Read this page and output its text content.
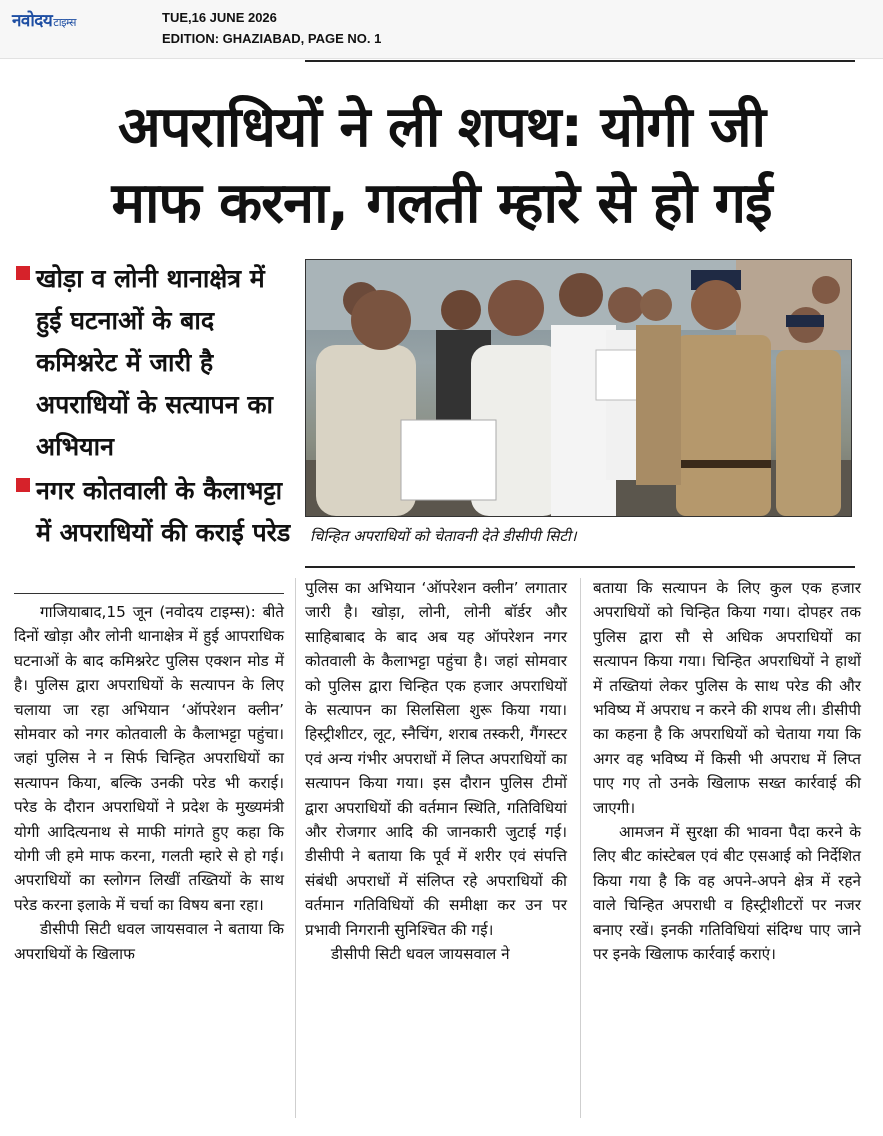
नवोदयटाइम्स	TUE,16 JUNE 2026
EDITION: GHAZIABAD, PAGE NO. 1
अपराधियों ने ली शपथ: योगी जी
माफ करना, गलती म्हारे से हो गई
खोड़ा व लोनी थानाक्षेत्र में हुई घटनाओं के बाद कमिश्नरेट में जारी है अपराधियों के सत्यापन का अभियान
नगर कोतवाली के कैलाभट्टा में अपराधियों की कराई परेड	चिन्हित अपराधियों को चेतावनी देते डीसीपी सिटी।

गाजियाबाद,15 जून (नवोदय टाइम्स): बीते दिनों खोड़ा और लोनी थानाक्षेत्र में हुई आपराधिक घटनाओं के बाद कमिश्नरेट पुलिस एक्शन मोड में है। पुलिस द्वारा अपराधियों के सत्यापन के लिए चलाया जा रहा अभियान ‘ऑपरेशन क्लीन’ सोमवार को नगर कोतवाली के कैलाभट्टा पहुंचा। जहां पुलिस ने न सिर्फ चिन्हित अपराधियों का सत्यापन किया, बल्कि उनकी परेड भी कराई। परेड के दौरान अपराधियों ने प्रदेश के मुख्यमंत्री योगी आदित्यनाथ से माफी मांगते हुए कहा कि योगी जी हमे माफ करना, गलती म्हारे से हो गई।अपराधियों का स्लोगन लिखीं तख्तियों के साथ परेड करना इलाके में चर्चा का विषय बना रहा।

डीसीपी सिटी धवल जायसवाल ने बताया कि अपराधियों के खिलाफ

पुलिस का अभियान ‘ऑपरेशन क्लीन’ लगातार जारी है। खोड़ा, लोनी, लोनी बॉर्डर और साहिबाबाद के बाद अब यह ऑपरेशन नगर कोतवाली के कैलाभट्टा पहुंचा है। जहां सोमवार को पुलिस द्वारा चिन्हित एक हजार अपराधियों के सत्यापन का सिलसिला शुरू किया गया। हिस्ट्रीशीटर, लूट, स्नैचिंग, शराब तस्करी, गैंगस्टर एवं अन्य गंभीर अपराधों में लिप्त अपराधियों का सत्यापन किया गया। इस दौरान पुलिस टीमों द्वारा अपराधियों की वर्तमान स्थिति, गतिविधियां और रोजगार आदि की जानकारी जुटाई गई। डीसीपी ने बताया कि पूर्व में शरीर एवं संपत्ति संबंधी अपराधों में संलिप्त रहे अपराधियों की वर्तमान गतिविधियों की समीक्षा कर उन पर प्रभावी निगरानी सुनिश्चित की गई।

डीसीपी सिटी धवल जायसवाल ने

बताया कि सत्यापन के लिए कुल एक हजार अपराधियों को चिन्हित किया गया। दोपहर तक पुलिस द्वारा सौ से अधिक अपराधियों का सत्यापन किया गया। चिन्हित अपराधियों ने हाथों में तख्तियां लेकर पुलिस के साथ परेड की और भविष्य में अपराध न करने की शपथ ली। डीसीपी का कहना है कि अपराधियों को चेताया गया कि अगर वह भविष्य में किसी भी अपराध में लिप्त पाए गए तो उनके खिलाफ सख्त कार्रवाई की जाएगी।

आमजन में सुरक्षा की भावना पैदा करने के लिए बीट कांस्टेबल एवं बीट एसआई को निर्देशित किया गया है कि वह अपने-अपने क्षेत्र में रहने वाले चिन्हित अपराधी व हिस्ट्रीशीटरों पर नजर बनाए रखें। इनकी गतिविधियां संदिग्ध पाए जाने पर इनके खिलाफ कार्रवाई कराएं।
